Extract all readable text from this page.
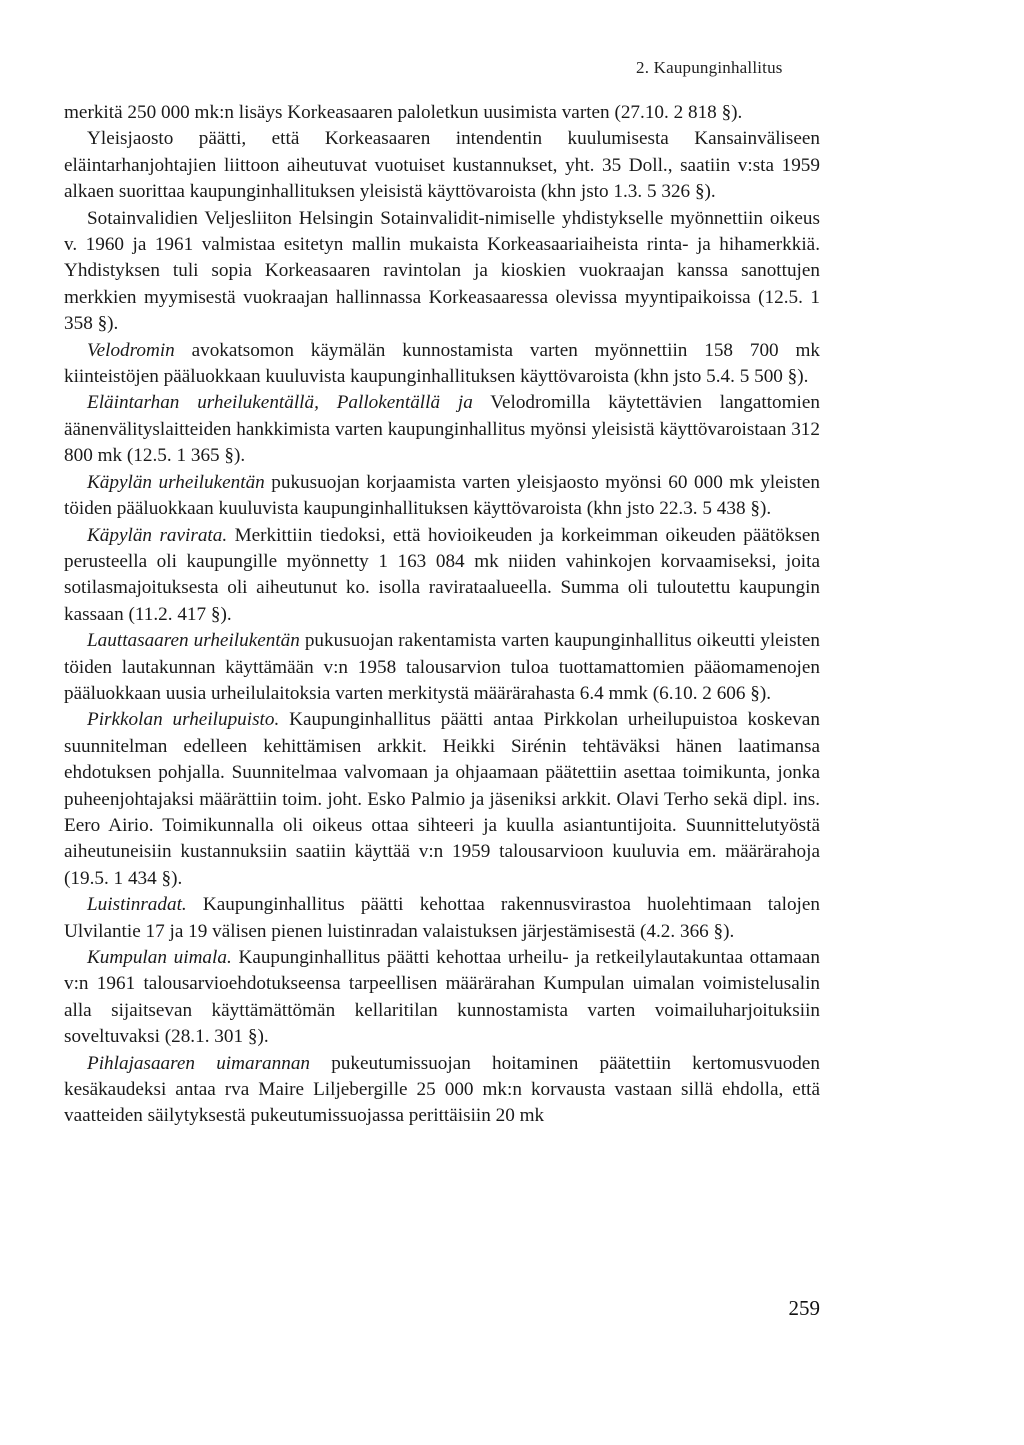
2. Kaupunginhallitus

merkitä 250 000 mk:n lisäys Korkeasaaren paloletkun uusimista varten (27.10. 2 818 §).

Yleisjaosto päätti, että Korkeasaaren intendentin kuulumisesta Kansainväliseen eläintarhanjohtajien liittoon aiheutuvat vuotuiset kustannukset, yht. 35 Doll., saatiin v:sta 1959 alkaen suorittaa kaupunginhallituksen yleisistä käyttövaroista (khn jsto 1.3. 5 326 §).

Sotainvalidien Veljesliiton Helsingin Sotainvalidit-nimiselle yhdistykselle myönnettiin oikeus v. 1960 ja 1961 valmistaa esitetyn mallin mukaista Korkeasaariaiheista rinta- ja hihamerkkiä. Yhdistyksen tuli sopia Korkeasaaren ravintolan ja kioskien vuokraajan kanssa sanottujen merkkien myymisestä vuokraajan hallinnassa Korkeasaaressa olevissa myyntipaikoissa (12.5. 1 358 §).

Velodromin avokatsomon käymälän kunnostamista varten myönnettiin 158 700 mk kiinteistöjen pääluokkaan kuuluvista kaupunginhallituksen käyttövaroista (khn jsto 5.4. 5 500 §).

Eläintarhan urheilukentällä, Pallokentällä ja Velodromilla käytettävien langattomien äänenvälityslaitteiden hankkimista varten kaupunginhallitus myönsi yleisistä käyttövaroistaan 312 800 mk (12.5. 1 365 §).

Käpylän urheilukentän pukusuojan korjaamista varten yleisjaosto myönsi 60 000 mk yleisten töiden pääluokkaan kuuluvista kaupunginhallituksen käyttövaroista (khn jsto 22.3. 5 438 §).

Käpylän ravirata. Merkittiin tiedoksi, että hovioikeuden ja korkeimman oikeuden päätöksen perusteella oli kaupungille myönnetty 1 163 084 mk niiden vahinkojen korvaamiseksi, joita sotilasmajoituksesta oli aiheutunut ko. isolla ravirataalueella. Summa oli tuloutettu kaupungin kassaan (11.2. 417 §).

Lauttasaaren urheilukentän pukusuojan rakentamista varten kaupunginhallitus oikeutti yleisten töiden lautakunnan käyttämään v:n 1958 talousarvion tuloa tuottamattomien pääomamenojen pääluokkaan uusia urheilulaitoksia varten merkitystä määrärahasta 6.4 mmk (6.10. 2 606 §).

Pirkkolan urheilupuisto. Kaupunginhallitus päätti antaa Pirkkolan urheilupuistoa koskevan suunnitelman edelleen kehittämisen arkkit. Heikki Sirénin tehtäväksi hänen laatimansa ehdotuksen pohjalla. Suunnitelmaa valvomaan ja ohjaamaan päätettiin asettaa toimikunta, jonka puheenjohtajaksi määrättiin toim. joht. Esko Palmio ja jäseniksi arkkit. Olavi Terho sekä dipl. ins. Eero Airio. Toimikunnalla oli oikeus ottaa sihteeri ja kuulla asiantuntijoita. Suunnittelutyöstä aiheutuneisiin kustannuksiin saatiin käyttää v:n 1959 talousarvioon kuuluvia em. määrärahoja (19.5. 1 434 §).

Luistinradat. Kaupunginhallitus päätti kehottaa rakennusvirastoa huolehtimaan talojen Ulvilantie 17 ja 19 välisen pienen luistinradan valaistuksen järjestämisestä (4.2. 366 §).

Kumpulan uimala. Kaupunginhallitus päätti kehottaa urheilu- ja retkeilylautakuntaa ottamaan v:n 1961 talousarvioehdotukseensa tarpeellisen määrärahan Kumpulan uimalan voimistelusalin alla sijaitsevan käyttämättömän kellaritilan kunnostamista varten voimailuharjoituksiin soveltuvaksi (28.1. 301 §).

Pihlajasaaren uimarannan pukeutumissuojan hoitaminen päätettiin kertomusvuoden kesäkaudeksi antaa rva Maire Liljebergille 25 000 mk:n korvausta vastaan sillä ehdolla, että vaatteiden säilytyksestä pukeutumissuojassa perittäisiin 20 mk

259
